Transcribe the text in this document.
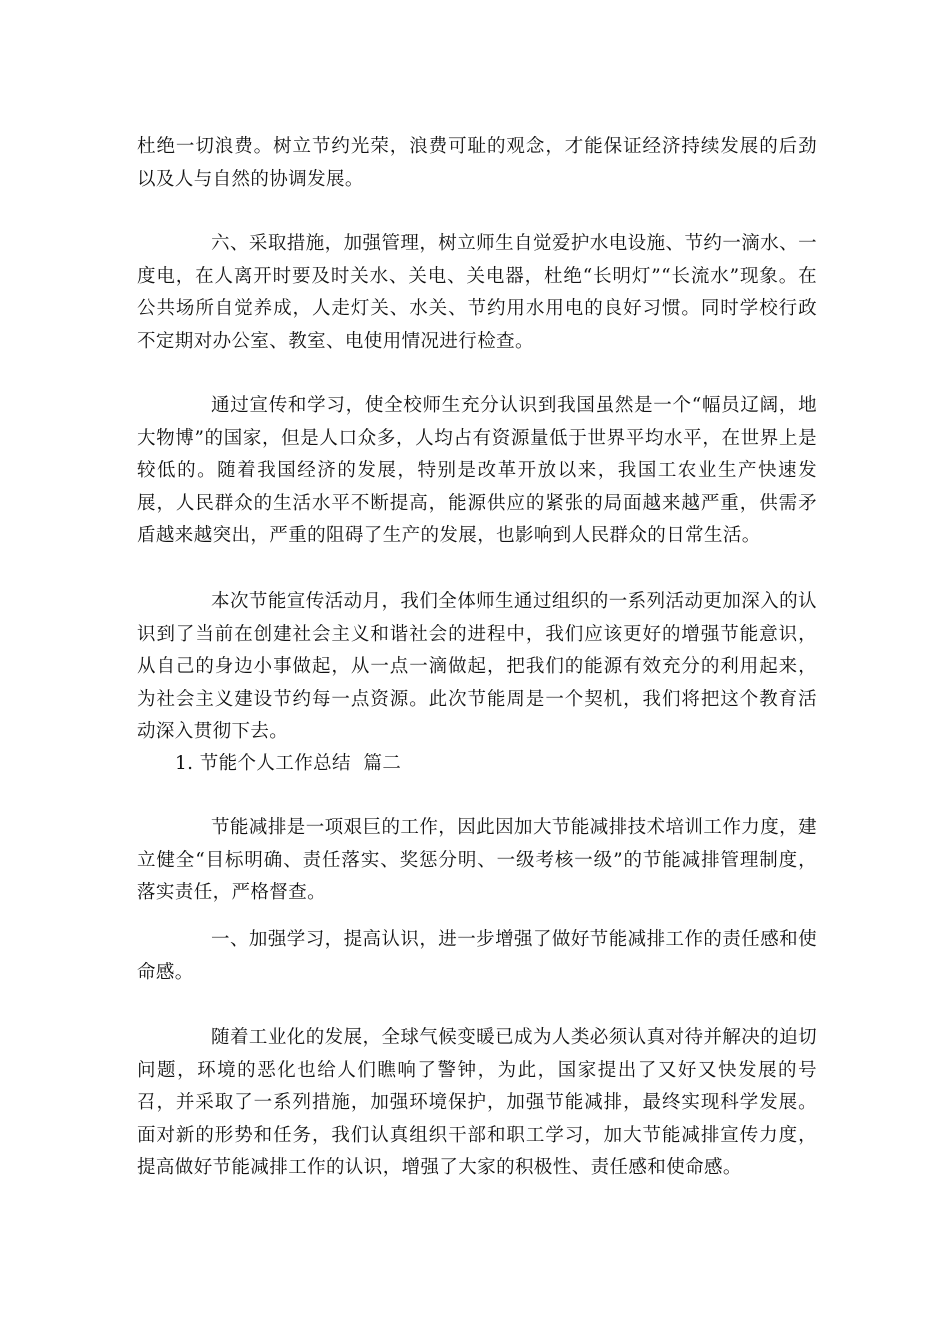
杜绝一切浪费。树立节约光荣，浪费可耻的观念，才能保证经济持续发展的后劲以及人与自然的协调发展。

六、采取措施，加强管理，树立师生自觉爱护水电设施、节约一滴水、一度电，在人离开时要及时关水、关电、关电器，杜绝“长明灯”“长流水”现象。在公共场所自觉养成，人走灯关、水关、节约用水用电的良好习惯。同时学校行政不定期对办公室、教室、电使用情况进行检查。

通过宣传和学习，使全校师生充分认识到我国虽然是一个“幅员辽阔，地大物博”的国家，但是人口众多，人均占有资源量低于世界平均水平，在世界上是较低的。随着我国经济的发展，特别是改革开放以来，我国工农业生产快速发展，人民群众的生活水平不断提高，能源供应的紧张的局面越来越严重，供需矛盾越来越突出，严重的阻碍了生产的发展，也影响到人民群众的日常生活。

本次节能宣传活动月，我们全体师生通过组织的一系列活动更加深入的认识到了当前在创建社会主义和谐社会的进程中，我们应该更好的增强节能意识，从自己的身边小事做起，从一点一滴做起，把我们的能源有效充分的利用起来，为社会主义建设节约每一点资源。此次节能周是一个契机，我们将把这个教育活动深入贯彻下去。

1. 节能个人工作总结  篇二

节能减排是一项艰巨的工作，因此因加大节能减排技术培训工作力度，建立健全“目标明确、责任落实、奖惩分明、一级考核一级”的节能减排管理制度，落实责任，严格督查。

一、加强学习，提高认识，进一步增强了做好节能减排工作的责任感和使命感。

随着工业化的发展，全球气候变暖已成为人类必须认真对待并解决的迫切问题，环境的恶化也给人们瞧响了警钟，为此，国家提出了又好又快发展的号召，并采取了一系列措施，加强环境保护，加强节能减排，最终实现科学发展。面对新的形势和任务，我们认真组织干部和职工学习，加大节能减排宣传力度，提高做好节能减排工作的认识，增强了大家的积极性、责任感和使命感。
